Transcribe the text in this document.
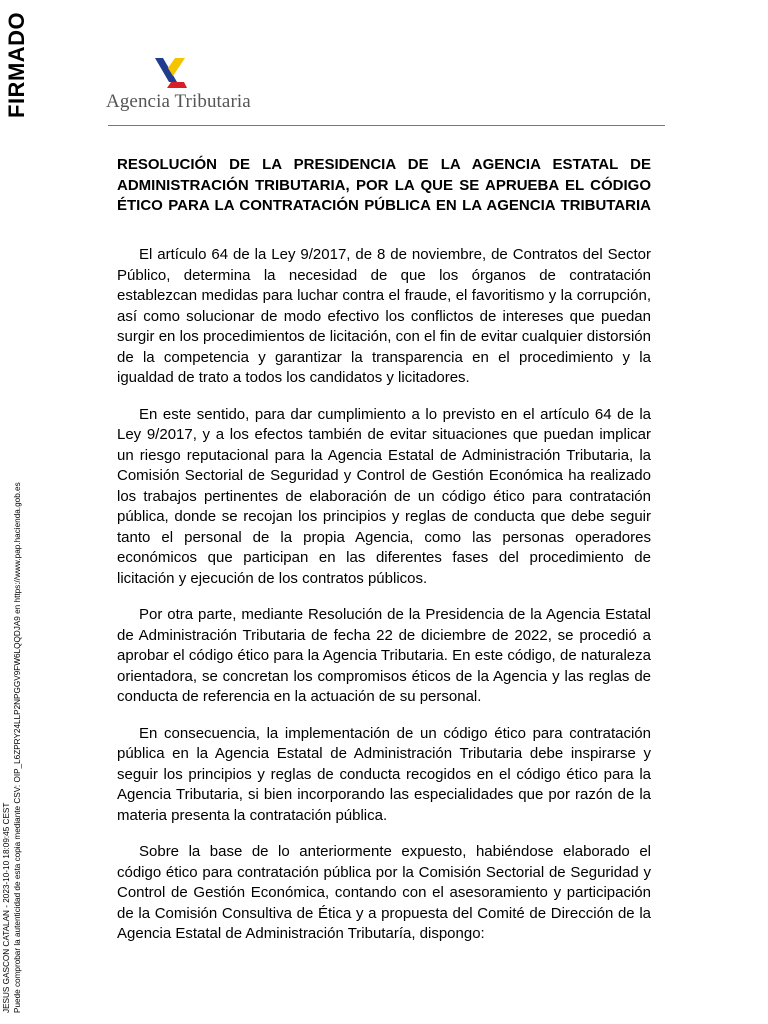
FIRMADO
JESUS GASCON CATALAN - 2023-10-10 18:09:45 CEST Puede comprobar la autenticidad de esta copia mediante CSV: OIP_L6ZPRY24LLP2NPGGV9FW6LQQDJA9 en https://www.pap.hacienda.gob.es
Agencia Tributaria
RESOLUCIÓN DE LA PRESIDENCIA DE LA AGENCIA ESTATAL DE ADMINISTRACIÓN TRIBUTARIA, POR LA QUE SE APRUEBA EL CÓDIGO ÉTICO PARA LA CONTRATACIÓN PÚBLICA EN LA AGENCIA TRIBUTARIA

El artículo 64 de la Ley 9/2017, de 8 de noviembre, de Contratos del Sector Público, determina la necesidad de que los órganos de contratación establezcan medidas para luchar contra el fraude, el favoritismo y la corrupción, así como solucionar de modo efectivo los conflictos de intereses que puedan surgir en los procedimientos de licitación, con el fin de evitar cualquier distorsión de la competencia y garantizar la transparencia en el procedimiento y la igualdad de trato a todos los candidatos y licitadores.

En este sentido, para dar cumplimiento a lo previsto en el artículo 64 de la Ley 9/2017, y a los efectos también de evitar situaciones que puedan implicar un riesgo reputacional para la Agencia Estatal de Administración Tributaria, la Comisión Sectorial de Seguridad y Control de Gestión Económica ha realizado los trabajos pertinentes de elaboración de un código ético para contratación pública, donde se recojan los principios y reglas de conducta que debe seguir tanto el personal de la propia Agencia, como las personas operadores económicos que participan en las diferentes fases del procedimiento de licitación y ejecución de los contratos públicos.

Por otra parte, mediante Resolución de la Presidencia de la Agencia Estatal de Administración Tributaria de fecha 22 de diciembre de 2022, se procedió a aprobar el código ético para la Agencia Tributaria. En este código, de naturaleza orientadora, se concretan los compromisos éticos de la Agencia y las reglas de conducta de referencia en la actuación de su personal.

En consecuencia, la implementación de un código ético para contratación pública en la Agencia Estatal de Administración Tributaria debe inspirarse y seguir los principios y reglas de conducta recogidos en el código ético para la Agencia Tributaria, si bien incorporando las especialidades que por razón de la materia presenta la contratación pública.

Sobre la base de lo anteriormente expuesto, habiéndose elaborado el código ético para contratación pública por la Comisión Sectorial de Seguridad y Control de Gestión Económica, contando con el asesoramiento y participación de la Comisión Consultiva de Ética y a propuesta del Comité de Dirección de la Agencia Estatal de Administración Tributaría, dispongo:
